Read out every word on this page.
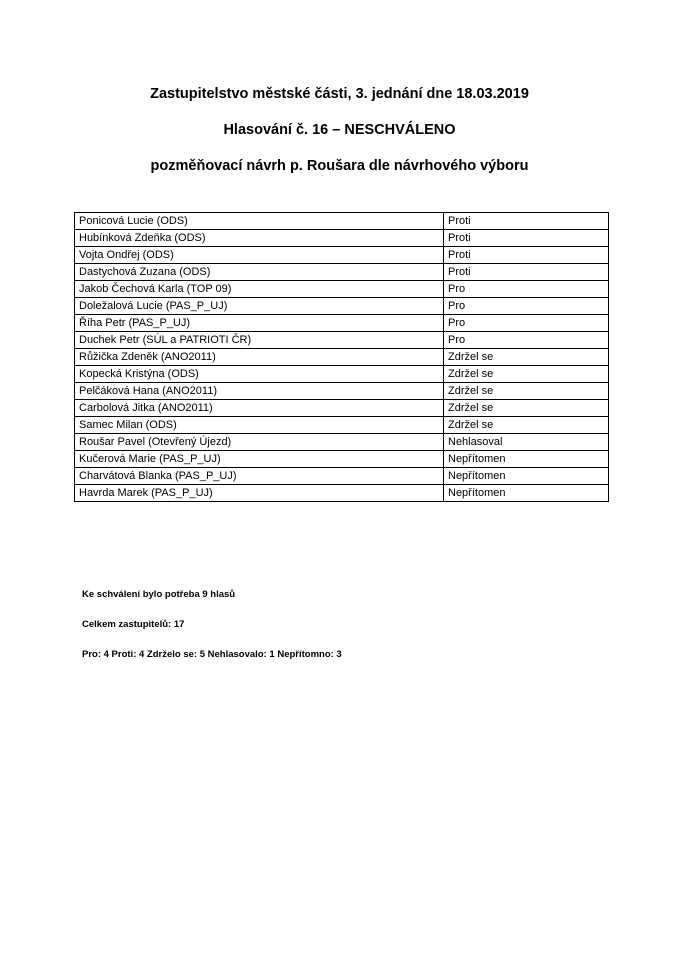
Zastupitelstvo městské části, 3. jednání dne 18.03.2019
Hlasování č. 16 – NESCHVÁLENO
pozměňovací návrh p. Roušara dle návrhového výboru
Ponicová Lucie (ODS)	Proti
Hubínková Zdeňka (ODS)	Proti
Vojta Ondřej (ODS)	Proti
Dastychová Zuzana (ODS)	Proti
Jakob Čechová Karla (TOP 09)	Pro
Doležalová Lucie (PAS_P_UJ)	Pro
Říha Petr (PAS_P_UJ)	Pro
Duchek Petr (SÚL a PATRIOTI ČR)	Pro
Růžička Zdeněk (ANO2011)	Zdržel se
Kopecká Kristýna (ODS)	Zdržel se
Pelčáková Hana (ANO2011)	Zdržel se
Carbolová Jitka (ANO2011)	Zdržel se
Samec Milan (ODS)	Zdržel se
Roušar Pavel (Otevřený Újezd)	Nehlasoval
Kučerová Marie (PAS_P_UJ)	Nepřítomen
Charvátová Blanka (PAS_P_UJ)	Nepřítomen
Havrda Marek (PAS_P_UJ)	Nepřítomen
Ke schválení bylo potřeba 9 hlasů
Celkem zastupitelů: 17
Pro: 4 Proti: 4 Zdrželo se: 5 Nehlasovalo: 1 Nepřítomno: 3
